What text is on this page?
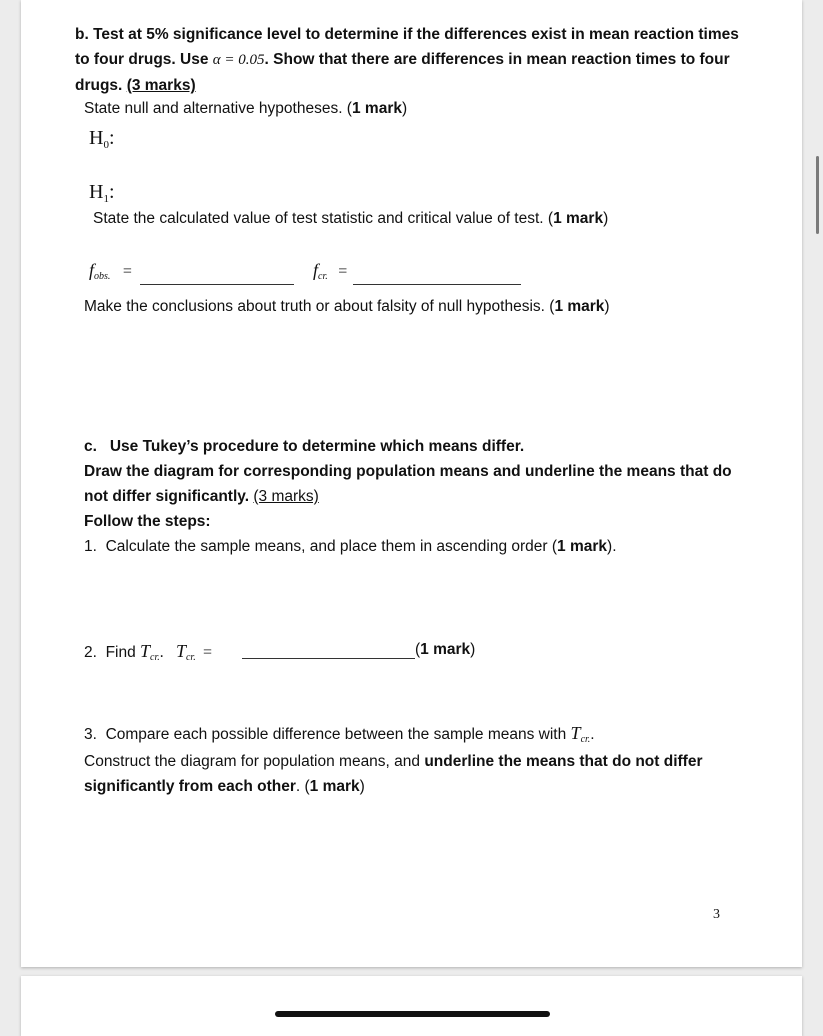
b. Test at 5% significance level to determine if the differences exist in mean reaction times
to four drugs. Use α = 0.05. Show that there are differences in mean reaction times to four
drugs. (3 marks)
State null and alternative hypotheses. (1 mark)
$H_0$:
$H_1$:
State the calculated value of test statistic and critical value of test. (1 mark)
fobs. =	fcr. =
Make the conclusions about truth or about falsity of null hypothesis. (1 mark)
c. Use Tukey’s procedure to determine which means differ.
Draw the diagram for corresponding population means and underline the means that do
not differ significantly. (3 marks)
Follow the steps:
1. Calculate the sample means, and place them in ascending order (1 mark).
2. Find Tcr.. Tcr. =	(1 mark)
3. Compare each possible difference between the sample means with Tcr..
Construct the diagram for population means, and underline the means that do not differ
significantly from each other. (1 mark)
3
